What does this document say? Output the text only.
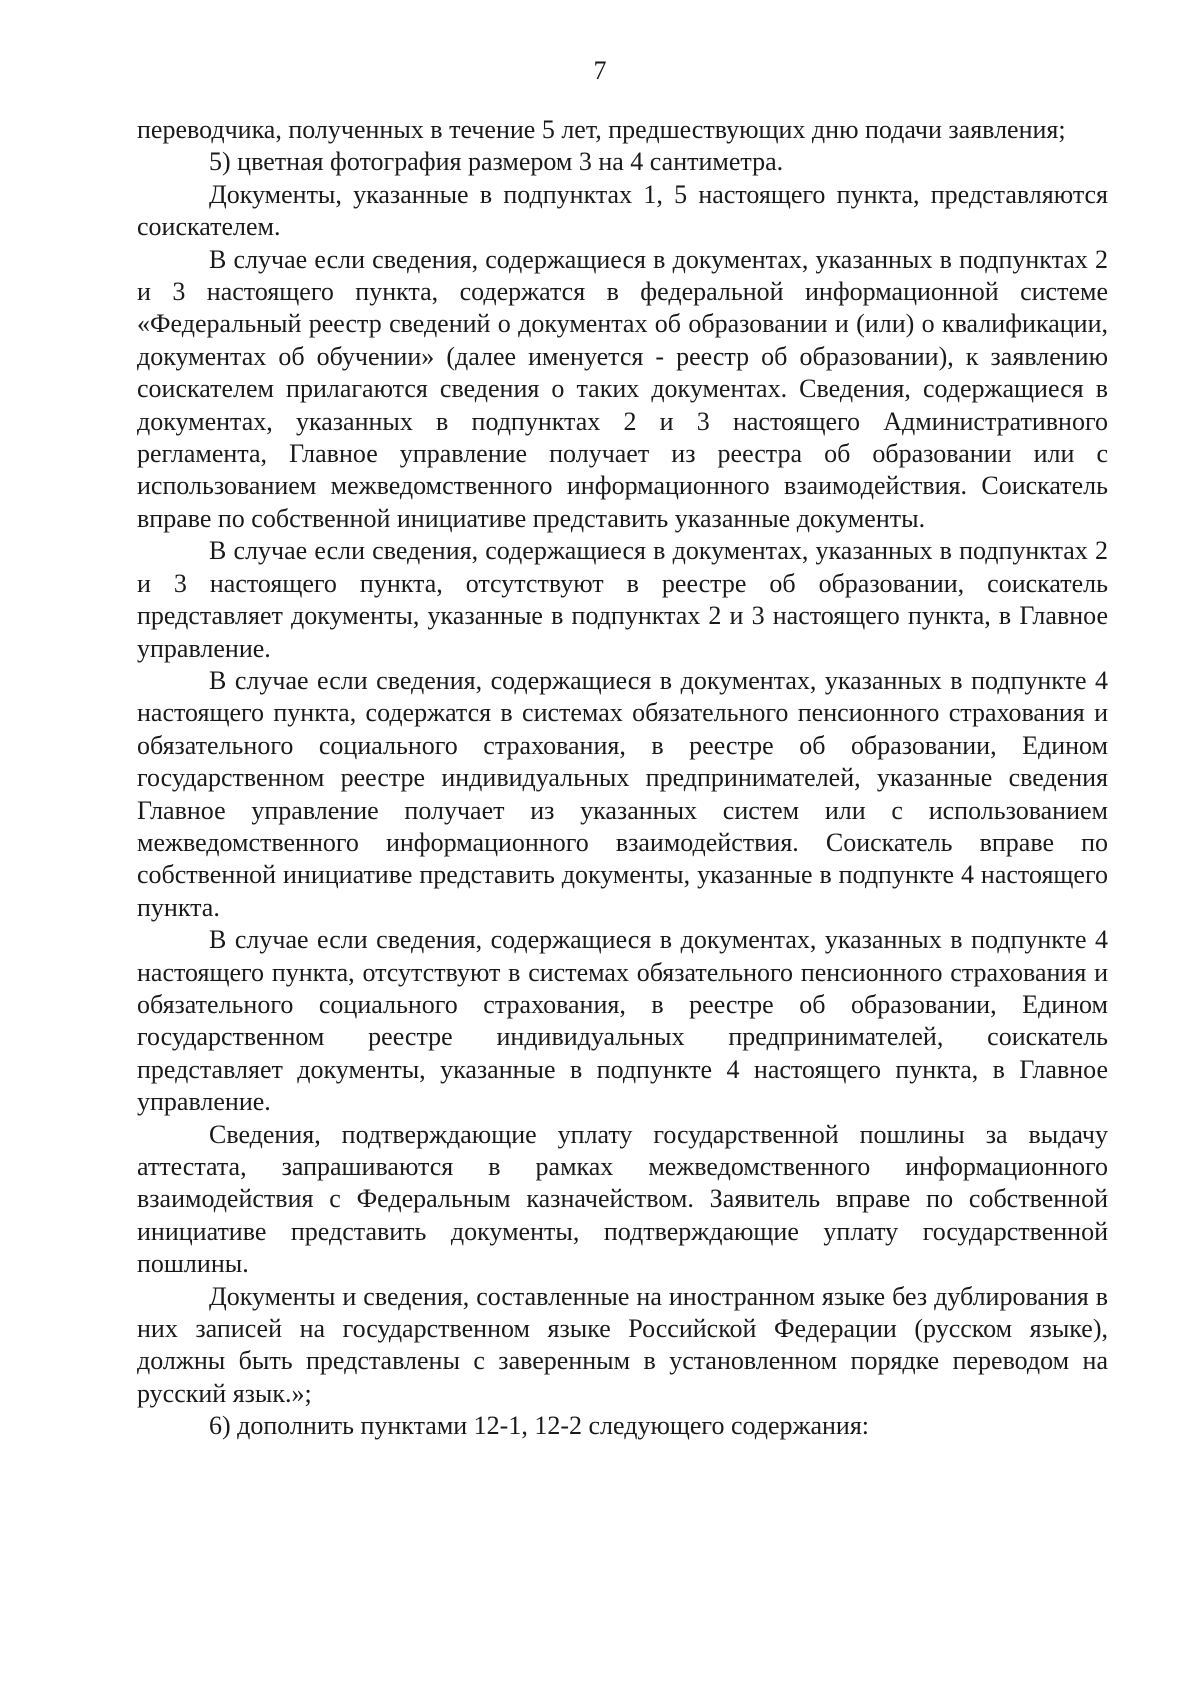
7

переводчика, полученных в течение 5 лет, предшествующих дню подачи заявления;

5) цветная фотография размером 3 на 4 сантиметра.

Документы, указанные в подпунктах 1, 5 настоящего пункта, представляются соискателем.

В случае если сведения, содержащиеся в документах, указанных в подпунктах 2 и 3 настоящего пункта, содержатся в федеральной информационной системе «Федеральный реестр сведений о документах об образовании и (или) о квалификации, документах об обучении» (далее именуется - реестр об образовании), к заявлению соискателем прилагаются сведения о таких документах. Сведения, содержащиеся в документах, указанных в подпунктах 2 и 3 настоящего Административного регламента, Главное управление получает из реестра об образовании или с использованием межведомственного информационного взаимодействия. Соискатель вправе по собственной инициативе представить указанные документы.

В случае если сведения, содержащиеся в документах, указанных в подпунктах 2 и 3 настоящего пункта, отсутствуют в реестре об образовании, соискатель представляет документы, указанные в подпунктах 2 и 3 настоящего пункта, в Главное управление.

В случае если сведения, содержащиеся в документах, указанных в подпункте 4 настоящего пункта, содержатся в системах обязательного пенсионного страхования и обязательного социального страхования, в реестре об образовании, Едином государственном реестре индивидуальных предпринимателей, указанные сведения Главное управление получает из указанных систем или с использованием межведомственного информационного взаимодействия. Соискатель вправе по собственной инициативе представить документы, указанные в подпункте 4 настоящего пункта.

В случае если сведения, содержащиеся в документах, указанных в подпункте 4 настоящего пункта, отсутствуют в системах обязательного пенсионного страхования и обязательного социального страхования, в реестре об образовании, Едином государственном реестре индивидуальных предпринимателей, соискатель представляет документы, указанные в подпункте 4 настоящего пункта, в Главное управление.

Сведения, подтверждающие уплату государственной пошлины за выдачу аттестата, запрашиваются в рамках межведомственного информационного взаимодействия с Федеральным казначейством. Заявитель вправе по собственной инициативе представить документы, подтверждающие уплату государственной пошлины.

Документы и сведения, составленные на иностранном языке без дублирования в них записей на государственном языке Российской Федерации (русском языке), должны быть представлены с заверенным в установленном порядке переводом на русский язык.»;

6) дополнить пунктами 12-1, 12-2 следующего содержания:
